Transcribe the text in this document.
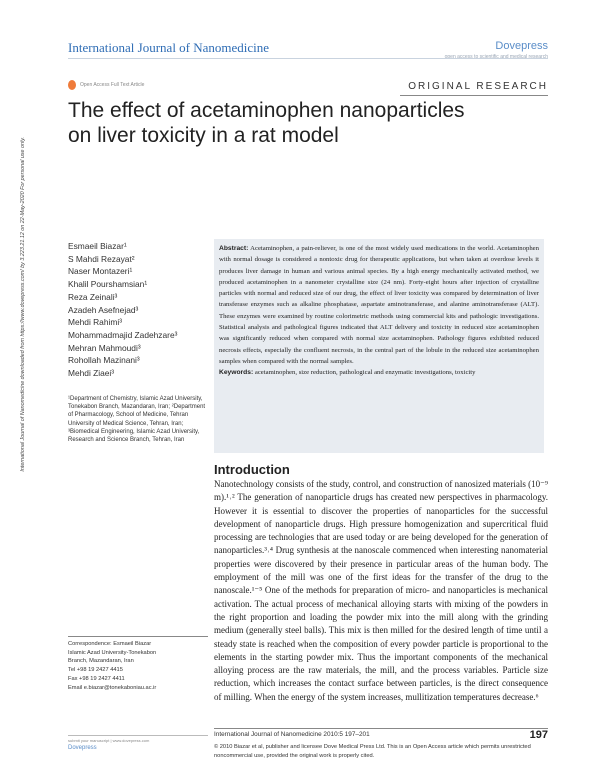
International Journal of Nanomedicine	Dovepress
open access to scientific and medical research
Open Access Full Text Article	ORIGINAL RESEARCH
The effect of acetaminophen nanoparticles on liver toxicity in a rat model
International Journal of Nanomedicine downloaded from https://www.dovepress.com/ by 3.223.21.12 on 22-May-2020 For personal use only.	Esmaeil Biazar¹
S Mahdi Rezayat²
Naser Montazeri¹
Khalil Pourshamsian¹
Reza Zeinali³
Azadeh Asefnejad³
Mehdi Rahimi³
Mohammadmajid Zadehzare³
Mehran Mahmoudi³
Rohollah Mazinani³
Mehdi Ziaei³
¹Department of Chemistry, Islamic Azad University, Tonekabon Branch, Mazandaran, Iran; ²Department of Pharmacology, School of Medicine, Tehran University of Medical Science, Tehran, Iran; ³Biomedical Engineering, Islamic Azad University, Research and Science Branch, Tehran, Iran
Correspondence: Esmaeil Biazar
Islamic Azad University-Tonekabon
Branch, Mazandaran, Iran
Tel +98 19 2427 4415
Fax +98 19 2427 4411
Email e.biazar@tonekaboniau.ac.ir
Abstract: Acetaminophen, a pain-reliever, is one of the most widely used medications in the world. Acetaminophen with normal dosage is considered a nontoxic drug for therapeutic applications, but when taken at overdose levels it produces liver damage in human and various animal species. By a high energy mechanically activated method, we produced acetaminophen in a nanometer crystalline size (24 nm). Forty-eight hours after injection of crystalline particles with normal and reduced size of our drug, the effect of liver toxicity was compared by determination of liver transferase enzymes such as alkaline phosphatase, aspartate aminotransferase, and alanine aminotransferase (ALT). These enzymes were examined by routine colorimetric methods using commercial kits and pathologic investigations. Statistical analysis and pathological figures indicated that ALT delivery and toxicity in reduced size acetaminophen was significantly reduced when compared with normal size acetaminophen. Pathology figures exhibited reduced necrosis effects, especially the confluent necrosis, in the central part of the lobule in the reduced size acetaminophen samples when compared with the normal samples.
Keywords: acetaminophen, size reduction, pathological and enzymatic investigations, toxicity
Introduction
Nanotechnology consists of the study, control, and construction of nanosized materials (10⁻⁹ m).¹˒² The generation of nanoparticle drugs has created new perspectives in pharmacology. However it is essential to discover the properties of nanoparticles for the successful development of nanoparticle drugs. High pressure homogenization and supercritical fluid processing are technologies that are used today or are being developed for the generation of nanoparticles.³˒⁴ Drug synthesis at the nanoscale commenced when interesting nanomaterial properties were discovered by their presence in particular areas of the human body. The employment of the mill was one of the first ideas for the transfer of the drug to the nanoscale.¹⁻⁵ One of the methods for preparation of micro- and nanoparticles is mechanical activation. The actual process of mechanical alloying starts with mixing of the powders in the right proportion and loading the powder mix into the mill along with the grinding medium (generally steel balls). This mix is then milled for the desired length of time until a steady state is reached when the composition of every powder particle is proportional to the elements in the starting powder mix. Thus the important components of the mechanical alloying process are the raw materials, the mill, and the process variables. Particle size reduction, which increases the contact surface between particles, is the direct consequence of milling. When the energy of the system increases, mullitization temperatures decrease.⁶
submit your manuscript | www.dovepress.com
Dovepress
International Journal of Nanomedicine 2010:5 197–201	197
© 2010 Biazar et al, publisher and licensee Dove Medical Press Ltd. This is an Open Access article which permits unrestricted noncommercial use, provided the original work is properly cited.
